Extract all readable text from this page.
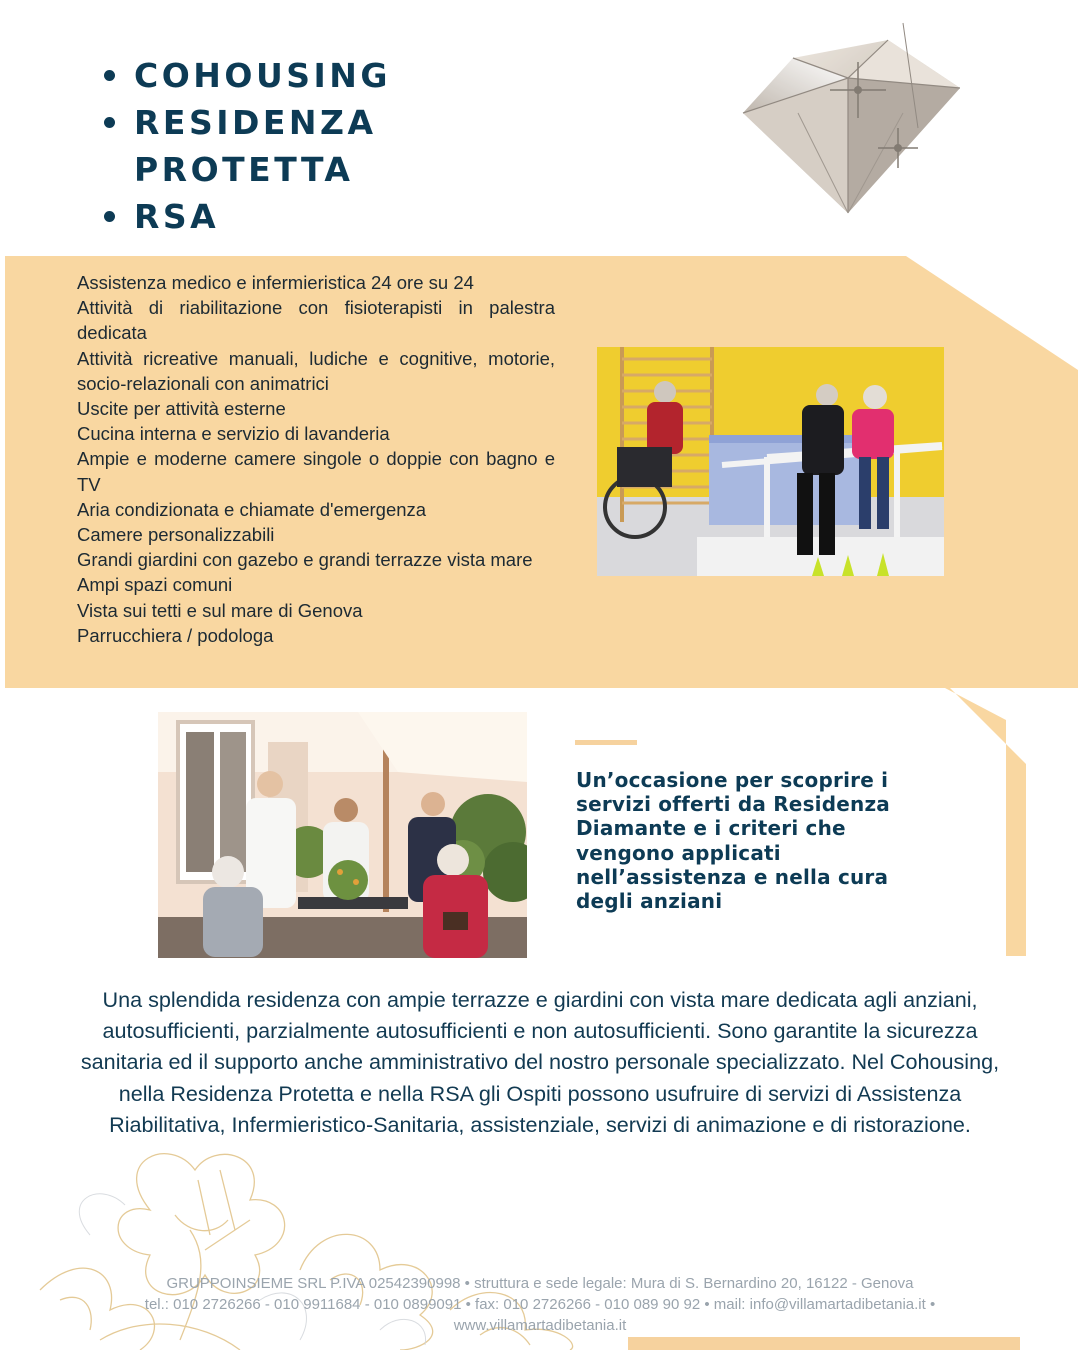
COHOUSING
RESIDENZA PROTETTA
RSA
Assistenza medico e infermieristica 24 ore su 24
Attività di riabilitazione con fisioterapisti in palestra dedicata
Attività ricreative manuali, ludiche e cognitive, motorie, socio-relazionali con animatrici
Uscite per attività esterne
Cucina interna e servizio di lavanderia
Ampie e moderne camere singole o doppie con bagno e TV
Aria condizionata e chiamate d'emergenza
Camere personalizzabili
Grandi giardini con gazebo e grandi terrazze vista mare
Ampi spazi comuni
Vista sui tetti e sul mare di Genova
Parrucchiera / podologa

Un’occasione per scoprire i servizi offerti da Residenza Diamante e i criteri che vengono applicati nell’assistenza e nella cura degli anziani

Una splendida residenza con ampie terrazze e giardini con vista mare dedicata agli anziani, autosufficienti, parzialmente autosufficienti e non autosufficienti. Sono garantite la sicurezza sanitaria ed il supporto anche amministrativo del nostro personale specializzato. Nel Cohousing, nella Residenza Protetta e nella RSA gli Ospiti possono usufruire di servizi di Assistenza Riabilitativa, Infermieristico-Sanitaria, assistenziale, servizi di animazione e di ristorazione.

GRUPPOINSIEME SRL P.IVA 02542390998 • struttura e sede legale: Mura di S. Bernardino 20, 16122 - Genova
tel.: 010 2726266 - 010 9911684 - 010 0899091 • fax: 010 2726266 - 010 089 90 92 • mail: info@villamartadibetania.it •
www.villamartadibetania.it
